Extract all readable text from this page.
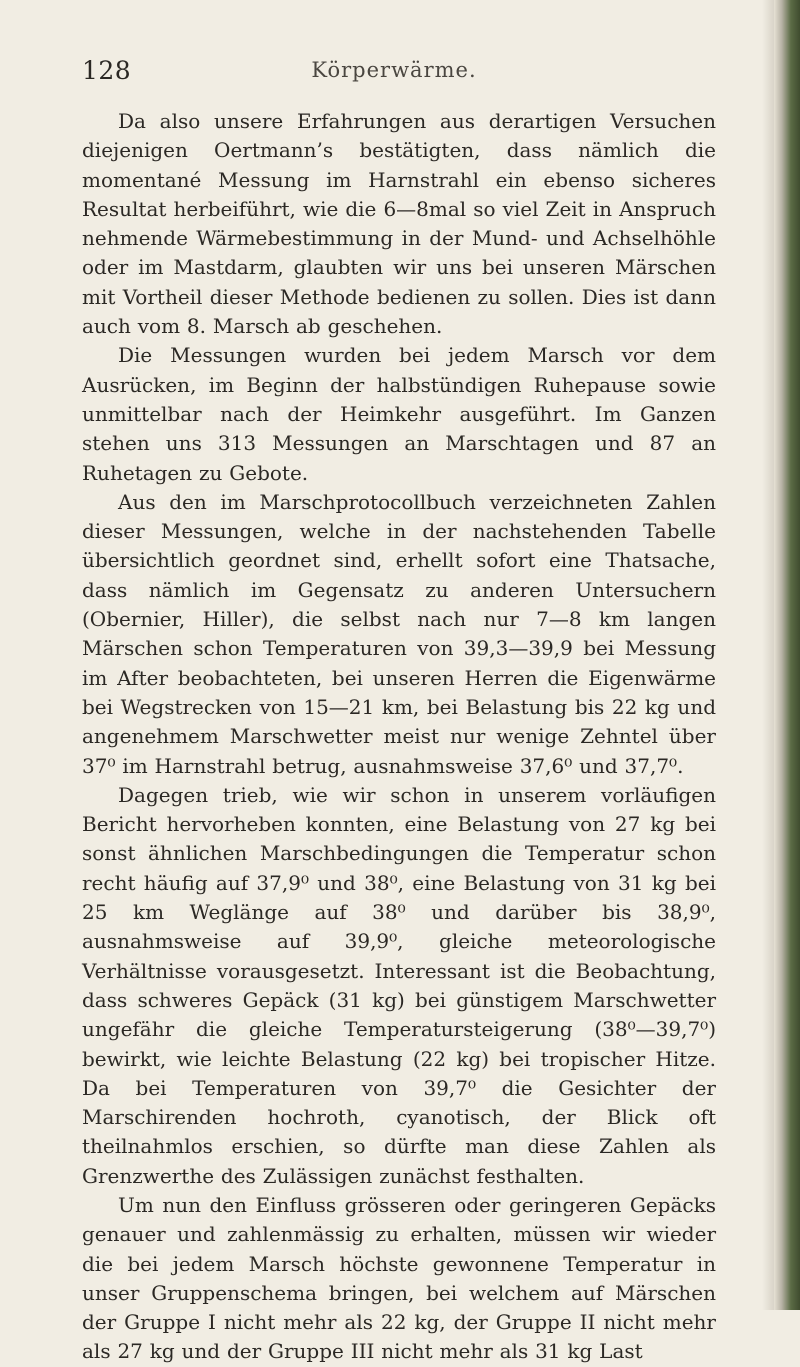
128	Körperwärme.

Da also unsere Erfahrungen aus derartigen Versuchen diejenigen Oertmann’s bestätigten, dass nämlich die momentané Messung im Harnstrahl ein ebenso sicheres Resultat herbeiführt, wie die 6—8mal so viel Zeit in Anspruch nehmende Wärmebestimmung in der Mund- und Achselhöhle oder im Mastdarm, glaubten wir uns bei unseren Märschen mit Vortheil dieser Methode bedienen zu sollen. Dies ist dann auch vom 8. Marsch ab geschehen.

Die Messungen wurden bei jedem Marsch vor dem Ausrücken, im Beginn der halbstündigen Ruhepause sowie unmittelbar nach der Heimkehr ausgeführt. Im Ganzen stehen uns 313 Messungen an Marschtagen und 87 an Ruhetagen zu Gebote.

Aus den im Marschprotocollbuch verzeichneten Zahlen dieser Messungen, welche in der nachstehenden Tabelle übersichtlich geordnet sind, erhellt sofort eine Thatsache, dass nämlich im Gegensatz zu anderen Untersuchern (Obernier, Hiller), die selbst nach nur 7—8 km langen Märschen schon Temperaturen von 39,3—39,9 bei Messung im After beobachteten, bei unseren Herren die Eigenwärme bei Wegstrecken von 15—21 km, bei Belastung bis 22 kg und angenehmem Marschwetter meist nur wenige Zehntel über 37⁰ im Harnstrahl betrug, ausnahmsweise 37,6⁰ und 37,7⁰.

Dagegen trieb, wie wir schon in unserem vorläufigen Bericht hervorheben konnten, eine Belastung von 27 kg bei sonst ähnlichen Marschbedingungen die Temperatur schon recht häufig auf 37,9⁰ und 38⁰, eine Belastung von 31 kg bei 25 km Weglänge auf 38⁰ und darüber bis 38,9⁰, ausnahmsweise auf 39,9⁰, gleiche meteorologische Verhältnisse vorausgesetzt. Interessant ist die Beobachtung, dass schweres Gepäck (31 kg) bei günstigem Marschwetter ungefähr die gleiche Temperatursteigerung (38⁰—39,7⁰) bewirkt, wie leichte Belastung (22 kg) bei tropischer Hitze. Da bei Temperaturen von 39,7⁰ die Gesichter der Marschirenden hochroth, cyanotisch, der Blick oft theilnahmlos erschien, so dürfte man diese Zahlen als Grenzwerthe des Zulässigen zunächst festhalten.

Um nun den Einfluss grösseren oder geringeren Gepäcks genauer und zahlenmässig zu erhalten, müssen wir wieder die bei jedem Marsch höchste gewonnene Temperatur in unser Gruppenschema bringen, bei welchem auf Märschen der Gruppe I nicht mehr als 22 kg, der Gruppe II nicht mehr als 27 kg und der Gruppe III nicht mehr als 31 kg Last
